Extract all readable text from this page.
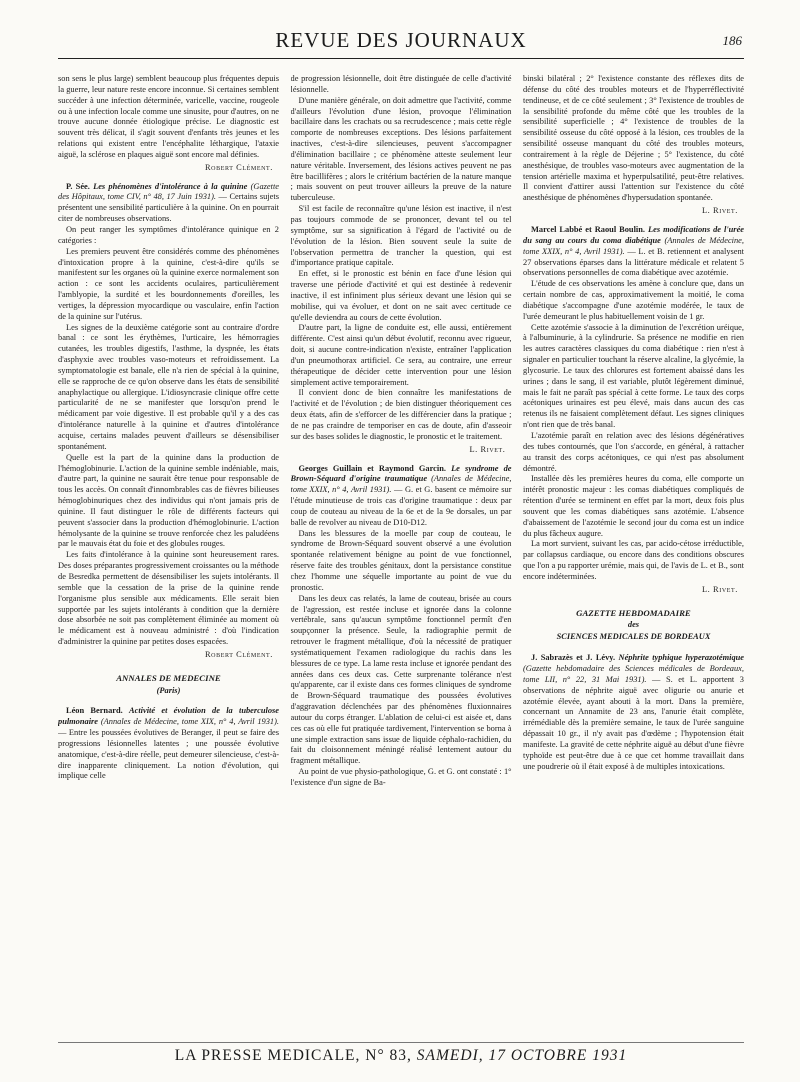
REVUE DES JOURNAUX	186

son sens le plus large) semblent beaucoup plus fréquentes depuis la guerre, leur nature reste encore inconnue. Si certaines semblent succéder à une infection déterminée, varicelle, vaccine, rougeole ou à une infection locale comme une sinusite, pour d'autres, on ne trouve aucune donnée étiologique précise. Le diagnostic est souvent très délicat, il s'agit souvent d'enfants très jeunes et les relations qui existent entre l'encéphalite léthargique, l'ataxie aiguë, la sclérose en plaques aiguë sont encore mal définies.

Robert Clément.

P. Sée. Les phénomènes d'intolérance à la quinine (Gazette des Hôpitaux, tome CIV, n° 48, 17 Juin 1931). — Certains sujets présentent une sensibilité particulière à la quinine. On en pourrait citer de nombreuses observations.

On peut ranger les symptômes d'intolérance quinique en 2 catégories :

Les premiers peuvent être considérés comme des phénomènes d'intoxication propre à la quinine, c'est-à-dire qu'ils se manifestent sur les organes où la quinine exerce normalement son action : ce sont les accidents oculaires, particulièrement l'amblyopie, la surdité et les bourdonnements d'oreilles, les vertiges, la dépression myocardique ou vasculaire, enfin l'action de la quinine sur l'utérus.

Les signes de la deuxième catégorie sont au contraire d'ordre banal : ce sont les érythèmes, l'urticaire, les hémorragies cutanées, les troubles digestifs, l'asthme, la dyspnée, les états d'asphyxie avec troubles vaso-moteurs et refroidissement. La symptomatologie est banale, elle n'a rien de spécial à la quinine, elle se rapproche de ce qu'on observe dans les états de sensibilité anaphylactique ou allergique. L'idiosyncrasie clinique offre cette particularité de ne se manifester que lorsqu'on prend le médicament par voie digestive. Il est probable qu'il y a des cas d'intolérance naturelle à la quinine et d'autres d'intolérance acquise, certains malades peuvent d'ailleurs se désensibiliser spontanément.

Quelle est la part de la quinine dans la production de l'hémoglobinurie. L'action de la quinine semble indéniable, mais, d'autre part, la quinine ne saurait être tenue pour responsable de tous les accès. On connaît d'innombrables cas de fièvres bilieuses hémoglobinuriques chez des individus qui n'ont jamais pris de quinine. Il faut distinguer le rôle de différents facteurs qui peuvent s'associer dans la production d'hémoglobinurie. L'action hémolysante de la quinine se trouve renforcée chez les paludéens par le mauvais état du foie et des globules rouges.

Les faits d'intolérance à la quinine sont heureusement rares. Des doses préparantes progressivement croissantes ou la méthode de Besredka permettent de désensibiliser les sujets intolérants. Il semble que la cessation de la prise de la quinine rende l'organisme plus sensible aux médicaments. Elle serait bien supportée par les sujets intolérants à condition que la dernière dose absorbée ne soit pas complètement éliminée au moment où le médicament est à nouveau administré : d'où l'indication d'administrer la quinine par petites doses espacées.

Robert Clément.

ANNALES DE MEDECINE

(Paris)

Léon Bernard. Activité et évolution de la tuberculose pulmonaire (Annales de Médecine, tome XIX, n° 4, Avril 1931). — Entre les poussées évolutives de Beranger, il peut se faire des progressions lésionnelles latentes ; une poussée évolutive anatomique, c'est-à-dire réelle, peut demeurer silencieuse, c'est-à-dire inapparente cliniquement. La notion d'évolution, qui implique celle

de progression lésionnelle, doit être distinguée de celle d'activité lésionnelle.

D'une manière générale, on doit admettre que l'activité, comme d'ailleurs l'évolution d'une lésion, provoque l'élimination bacillaire dans les crachats ou sa recrudescence ; mais cette règle comporte de nombreuses exceptions. Des lésions parfaitement inactives, c'est-à-dire silencieuses, peuvent s'accompagner d'élimination bacillaire ; ce phénomène atteste seulement leur nature véritable. Inversement, des lésions actives peuvent ne pas être bacillifères ; alors le critérium bactérien de la nature manque ; mais souvent on peut trouver ailleurs la preuve de la nature tuberculeuse.

S'il est facile de reconnaître qu'une lésion est inactive, il n'est pas toujours commode de se prononcer, devant tel ou tel symptôme, sur sa signification à l'égard de l'activité ou de l'évolution de la lésion. Bien souvent seule la suite de l'observation permettra de trancher la question, qui est d'importance pratique capitale.

En effet, si le pronostic est bénin en face d'une lésion qui traverse une période d'activité et qui est destinée à redevenir inactive, il est infiniment plus sérieux devant une lésion qui se mobilise, qui va évoluer, et dont on ne sait avec certitude ce qu'elle deviendra au cours de cette évolution.

D'autre part, la ligne de conduite est, elle aussi, entièrement différente. C'est ainsi qu'un début évolutif, reconnu avec rigueur, doit, si aucune contre-indication n'existe, entraîner l'application d'un pneumothorax artificiel. Ce sera, au contraire, une erreur thérapeutique de décider cette intervention pour une lésion simplement active temporairement.

Il convient donc de bien connaître les manifestations de l'activité et de l'évolution ; de bien distinguer théoriquement ces deux états, afin de s'efforcer de les différencier dans la pratique ; de ne pas craindre de temporiser en cas de doute, afin d'asseoir sur des bases solides le diagnostic, le pronostic et le traitement.

L. Rivet.

Georges Guillain et Raymond Garcin. Le syndrome de Brown-Séquard d'origine traumatique (Annales de Médecine, tome XXIX, n° 4, Avril 1931). — G. et G. basent ce mémoire sur l'étude minutieuse de trois cas d'origine traumatique : deux par coup de couteau au niveau de la 6e et de la 9e dorsales, un par balle de revolver au niveau de D10-D12.

Dans les blessures de la moelle par coup de couteau, le syndrome de Brown-Séquard souvent observé a une évolution spontanée relativement bénigne au point de vue fonctionnel, réserve faite des troubles génitaux, dont la persistance constitue chez l'homme une séquelle importante au point de vue du pronostic.

Dans les deux cas relatés, la lame de couteau, brisée au cours de l'agression, est restée incluse et ignorée dans la colonne vertébrale, sans qu'aucun symptôme fonctionnel permît d'en soupçonner la présence. Seule, la radiographie permit de retrouver le fragment métallique, d'où la nécessité de pratiquer systématiquement l'examen radiologique du rachis dans les blessures de ce type. La lame resta incluse et ignorée pendant des années dans ces deux cas. Cette surprenante tolérance n'est qu'apparente, car il existe dans ces formes cliniques de syndrome de Brown-Séquard traumatique des poussées évolutives d'aggravation déclenchées par des phénomènes fluxionnaires autour du corps étranger. L'ablation de celui-ci est aisée et, dans ces cas où elle fut pratiquée tardivement, l'intervention se borna à une simple extraction sans issue de liquide céphalo-rachidien, du fait du cloisonnement méningé réalisé lentement autour du fragment métallique.

Au point de vue physio-pathologique, G. et G. ont constaté : 1° l'existence d'un signe de Ba-

binski bilatéral ; 2° l'existence constante des réflexes dits de défense du côté des troubles moteurs et de l'hyperréflectivité tendineuse, et de ce côté seulement ; 3° l'existence de troubles de la sensibilité profonde du même côté que les troubles de la sensibilité superficielle ; 4° l'existence de troubles de la sensibilité osseuse du côté opposé à la lésion, ces troubles de la sensibilité osseuse manquant du côté des troubles moteurs, contrairement à la règle de Déjerine ; 5° l'existence, du côté anesthésique, de troubles vaso-moteurs avec augmentation de la tension artérielle maxima et hyperpulsatilité, peut-être relatives. Il convient d'attirer aussi l'attention sur l'existence du côté anesthésique de phénomènes d'hypersudation spontanée.

L. Rivet.

Marcel Labbé et Raoul Boulin. Les modifications de l'urée du sang au cours du coma diabétique (Annales de Médecine, tome XXIX, n° 4, Avril 1931). — L. et B. retiennent et analysent 27 observations éparses dans la littérature médicale et relatent 5 observations personnelles de coma diabétique avec azotémie.

L'étude de ces observations les amène à conclure que, dans un certain nombre de cas, approximativement la moitié, le coma diabétique s'accompagne d'une azotémie modérée, le taux de l'urée demeurant le plus habituellement voisin de 1 gr.

Cette azotémie s'associe à la diminution de l'excrétion uréique, à l'albuminurie, à la cylindrurie. Sa présence ne modifie en rien les autres caractères classiques du coma diabétique : rien n'est à signaler en particulier touchant la réserve alcaline, la glycémie, la glycosurie. Le taux des chlorures est fortement abaissé dans les urines ; dans le sang, il est variable, plutôt légèrement diminué, mais le fait ne paraît pas spécial à cette forme. Le taux des corps acétoniques urinaires est peu élevé, mais dans aucun des cas retenus ils ne faisaient complètement défaut. Les signes cliniques n'ont rien que de très banal.

L'azotémie paraît en relation avec des lésions dégénératives des tubes contournés, que l'on s'accorde, en général, à rattacher au transit des corps acétoniques, ce qui n'est pas absolument démontré.

Installée dès les premières heures du coma, elle comporte un intérêt pronostic majeur : les comas diabétiques compliqués de rétention d'urée se terminent en effet par la mort, deux fois plus souvent que les comas diabétiques sans azotémie. L'absence d'abaissement de l'azotémie le second jour du coma est un indice du plus fâcheux augure.

La mort survient, suivant les cas, par acido-cétose irréductible, par collapsus cardiaque, ou encore dans des conditions obscures que l'on a pu rapporter urémie, mais qui, de l'avis de L. et B., sont encore indéterminées.

L. Rivet.

GAZETTE HEBDOMADAIRE

des

SCIENCES MEDICALES DE BORDEAUX

J. Sabrazès et J. Lévy. Néphrite typhique hyperazotémique (Gazette hebdomadaire des Sciences médicales de Bordeaux, tome LII, n° 22, 31 Mai 1931). — S. et L. apportent 3 observations de néphrite aiguë avec oligurie ou anurie et azotémie élevée, ayant abouti à la mort. Dans la première, concernant un Annamite de 23 ans, l'anurie était complète, irrémédiable dès la première semaine, le taux de l'urée sanguine dépassait 10 gr., il n'y avait pas d'œdème ; l'hypotension était manifeste. La gravité de cette néphrite aiguë au début d'une fièvre typhoïde est peut-être due à ce que cet homme travaillait dans une poudrerie où il était exposé à de multiples intoxications.

LA PRESSE MEDICALE, N° 83, SAMEDI, 17 OCTOBRE 1931
